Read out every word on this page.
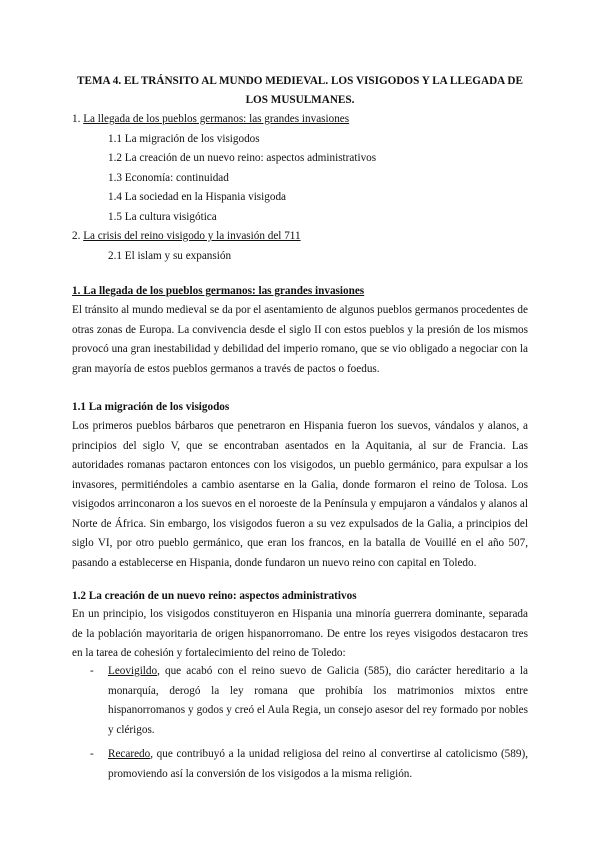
TEMA 4. EL TRÁNSITO AL MUNDO MEDIEVAL. LOS VISIGODOS Y LA LLEGADA DE LOS MUSULMANES.
1. La llegada de los pueblos germanos: las grandes invasiones
1.1 La migración de los visigodos
1.2 La creación de un nuevo reino: aspectos administrativos
1.3 Economía: continuidad
1.4 La sociedad en la Hispania visigoda
1.5 La cultura visigótica
2. La crisis del reino visigodo y la invasión del 711
2.1 El islam y su expansión
1. La llegada de los pueblos germanos: las grandes invasiones

El tránsito al mundo medieval se da por el asentamiento de algunos pueblos germanos procedentes de otras zonas de Europa. La convivencia desde el siglo II con estos pueblos y la presión de los mismos provocó una gran inestabilidad y debilidad del imperio romano, que se vio obligado a negociar con la gran mayoría de estos pueblos germanos a través de pactos o foedus.

1.1 La migración de los visigodos

Los primeros pueblos bárbaros que penetraron en Hispania fueron los suevos, vándalos y alanos, a principios del siglo V, que se encontraban asentados en la Aquitania, al sur de Francia. Las autoridades romanas pactaron entonces con los visigodos, un pueblo germánico, para expulsar a los invasores, permitiéndoles a cambio asentarse en la Galia, donde formaron el reino de Tolosa. Los visigodos arrinconaron a los suevos en el noroeste de la Península y empujaron a vándalos y alanos al Norte de África. Sin embargo, los visigodos fueron a su vez expulsados de la Galia, a principios del siglo VI, por otro pueblo germánico, que eran los francos, en la batalla de Vouillé en el año 507, pasando a establecerse en Hispania, donde fundaron un nuevo reino con capital en Toledo.

1.2 La creación de un nuevo reino: aspectos administrativos

En un principio, los visigodos constituyeron en Hispania una minoría guerrera dominante, separada de la población mayoritaria de origen hispanorromano. De entre los reyes visigodos destacaron tres en la tarea de cohesión y fortalecimiento del reino de Toledo:

- Leovigildo, que acabó con el reino suevo de Galicia (585), dio carácter hereditario a la monarquía, derogó la ley romana que prohibía los matrimonios mixtos entre hispanorromanos y godos y creó el Aula Regia, un consejo asesor del rey formado por nobles y clérigos.
- Recaredo, que contribuyó a la unidad religiosa del reino al convertirse al catolicismo (589), promoviendo así la conversión de los visigodos a la misma religión.
